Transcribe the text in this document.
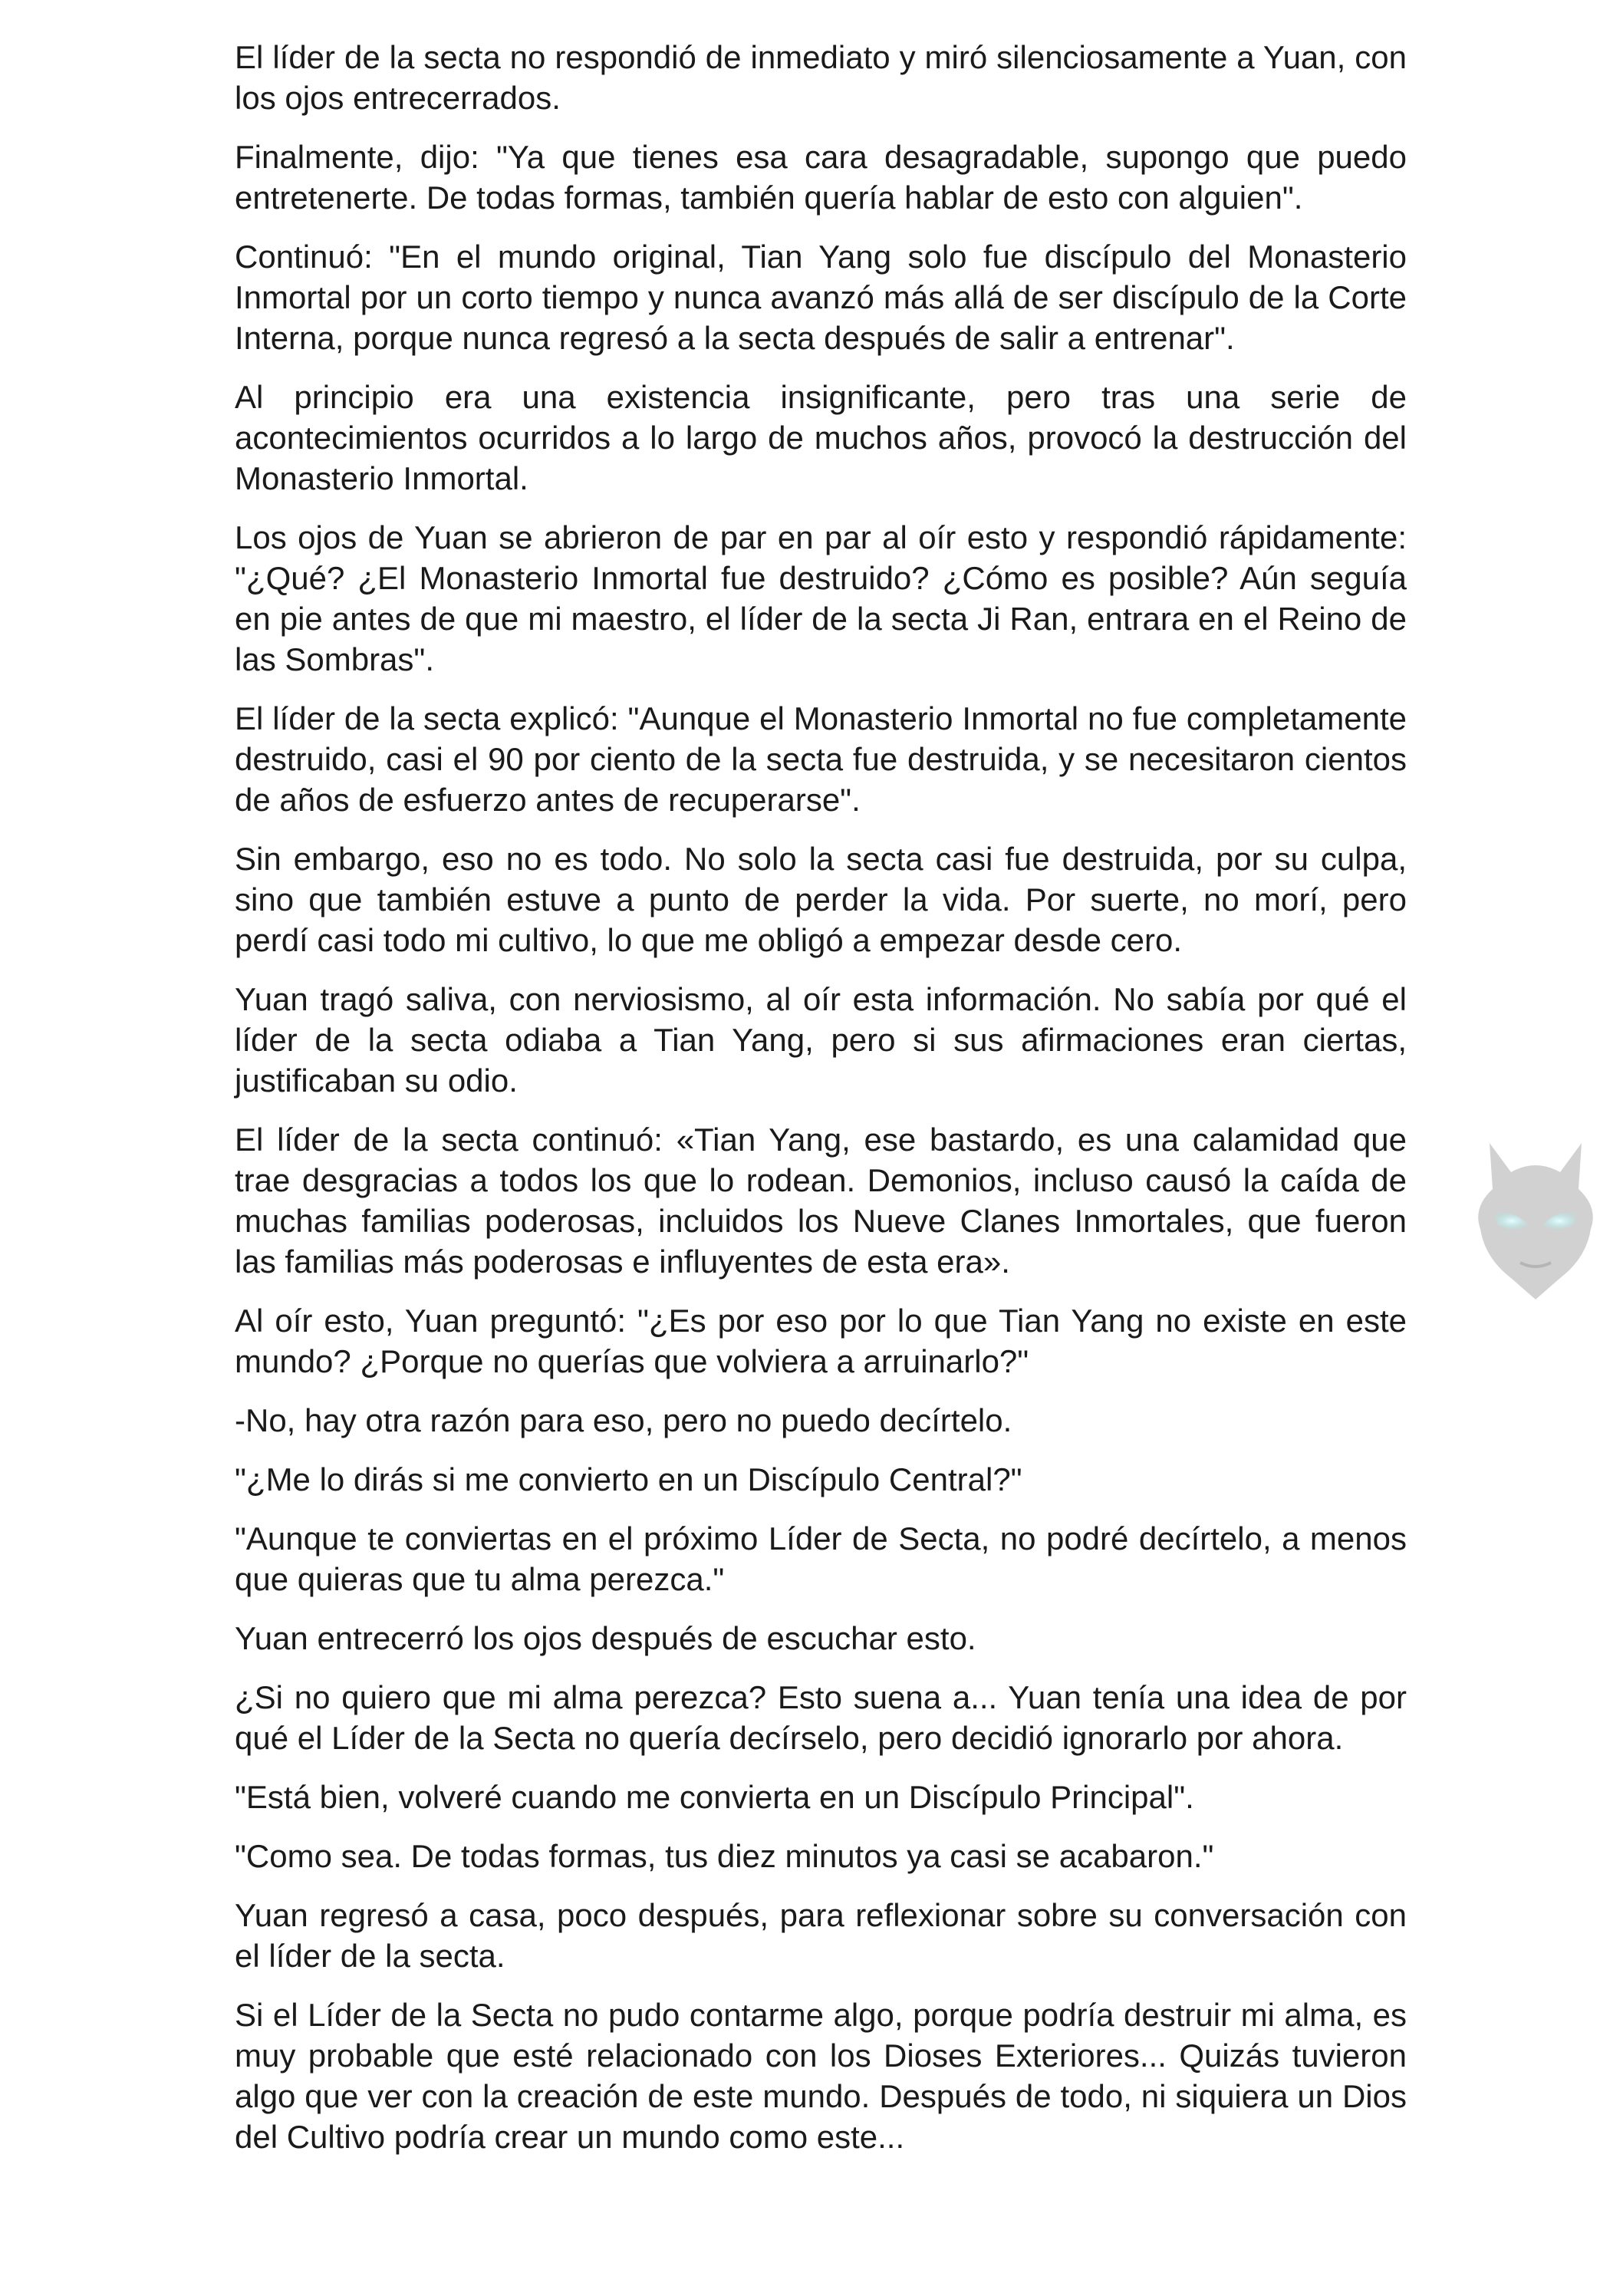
El líder de la secta no respondió de inmediato y miró silenciosamente a Yuan, con los ojos entrecerrados.

Finalmente, dijo: "Ya que tienes esa cara desagradable, supongo que puedo entretenerte. De todas formas, también quería hablar de esto con alguien".

Continuó: "En el mundo original, Tian Yang solo fue discípulo del Monasterio Inmortal por un corto tiempo y nunca avanzó más allá de ser discípulo de la Corte Interna, porque nunca regresó a la secta después de salir a entrenar".

Al principio era una existencia insignificante, pero tras una serie de acontecimientos ocurridos a lo largo de muchos años, provocó la destrucción del Monasterio Inmortal.

Los ojos de Yuan se abrieron de par en par al oír esto y respondió rápidamente: "¿Qué? ¿El Monasterio Inmortal fue destruido? ¿Cómo es posible? Aún seguía en pie antes de que mi maestro, el líder de la secta Ji Ran, entrara en el Reino de las Sombras".

El líder de la secta explicó: "Aunque el Monasterio Inmortal no fue completamente destruido, casi el 90 por ciento de la secta fue destruida, y se necesitaron cientos de años de esfuerzo antes de recuperarse".

Sin embargo, eso no es todo. No solo la secta casi fue destruida, por su culpa, sino que también estuve a punto de perder la vida. Por suerte, no morí, pero perdí casi todo mi cultivo, lo que me obligó a empezar desde cero.

Yuan tragó saliva, con nerviosismo, al oír esta información. No sabía por qué el líder de la secta odiaba a Tian Yang, pero si sus afirmaciones eran ciertas, justificaban su odio.

El líder de la secta continuó: «Tian Yang, ese bastardo, es una calamidad que trae desgracias a todos los que lo rodean. Demonios, incluso causó la caída de muchas familias poderosas, incluidos los Nueve Clanes Inmortales, que fueron las familias más poderosas e influyentes de esta era».

Al oír esto, Yuan preguntó: "¿Es por eso por lo que Tian Yang no existe en este mundo? ¿Porque no querías que volviera a arruinarlo?"

-No, hay otra razón para eso, pero no puedo decírtelo.

"¿Me lo dirás si me convierto en un Discípulo Central?"

"Aunque te conviertas en el próximo Líder de Secta, no podré decírtelo, a menos que quieras que tu alma perezca."

Yuan entrecerró los ojos después de escuchar esto.

¿Si no quiero que mi alma perezca? Esto suena a... Yuan tenía una idea de por qué el Líder de la Secta no quería decírselo, pero decidió ignorarlo por ahora.

"Está bien, volveré cuando me convierta en un Discípulo Principal".

"Como sea. De todas formas, tus diez minutos ya casi se acabaron."

Yuan regresó a casa, poco después, para reflexionar sobre su conversación con el líder de la secta.

Si el Líder de la Secta no pudo contarme algo, porque podría destruir mi alma, es muy probable que esté relacionado con los Dioses Exteriores... Quizás tuvieron algo que ver con la creación de este mundo. Después de todo, ni siquiera un Dios del Cultivo podría crear un mundo como este...
